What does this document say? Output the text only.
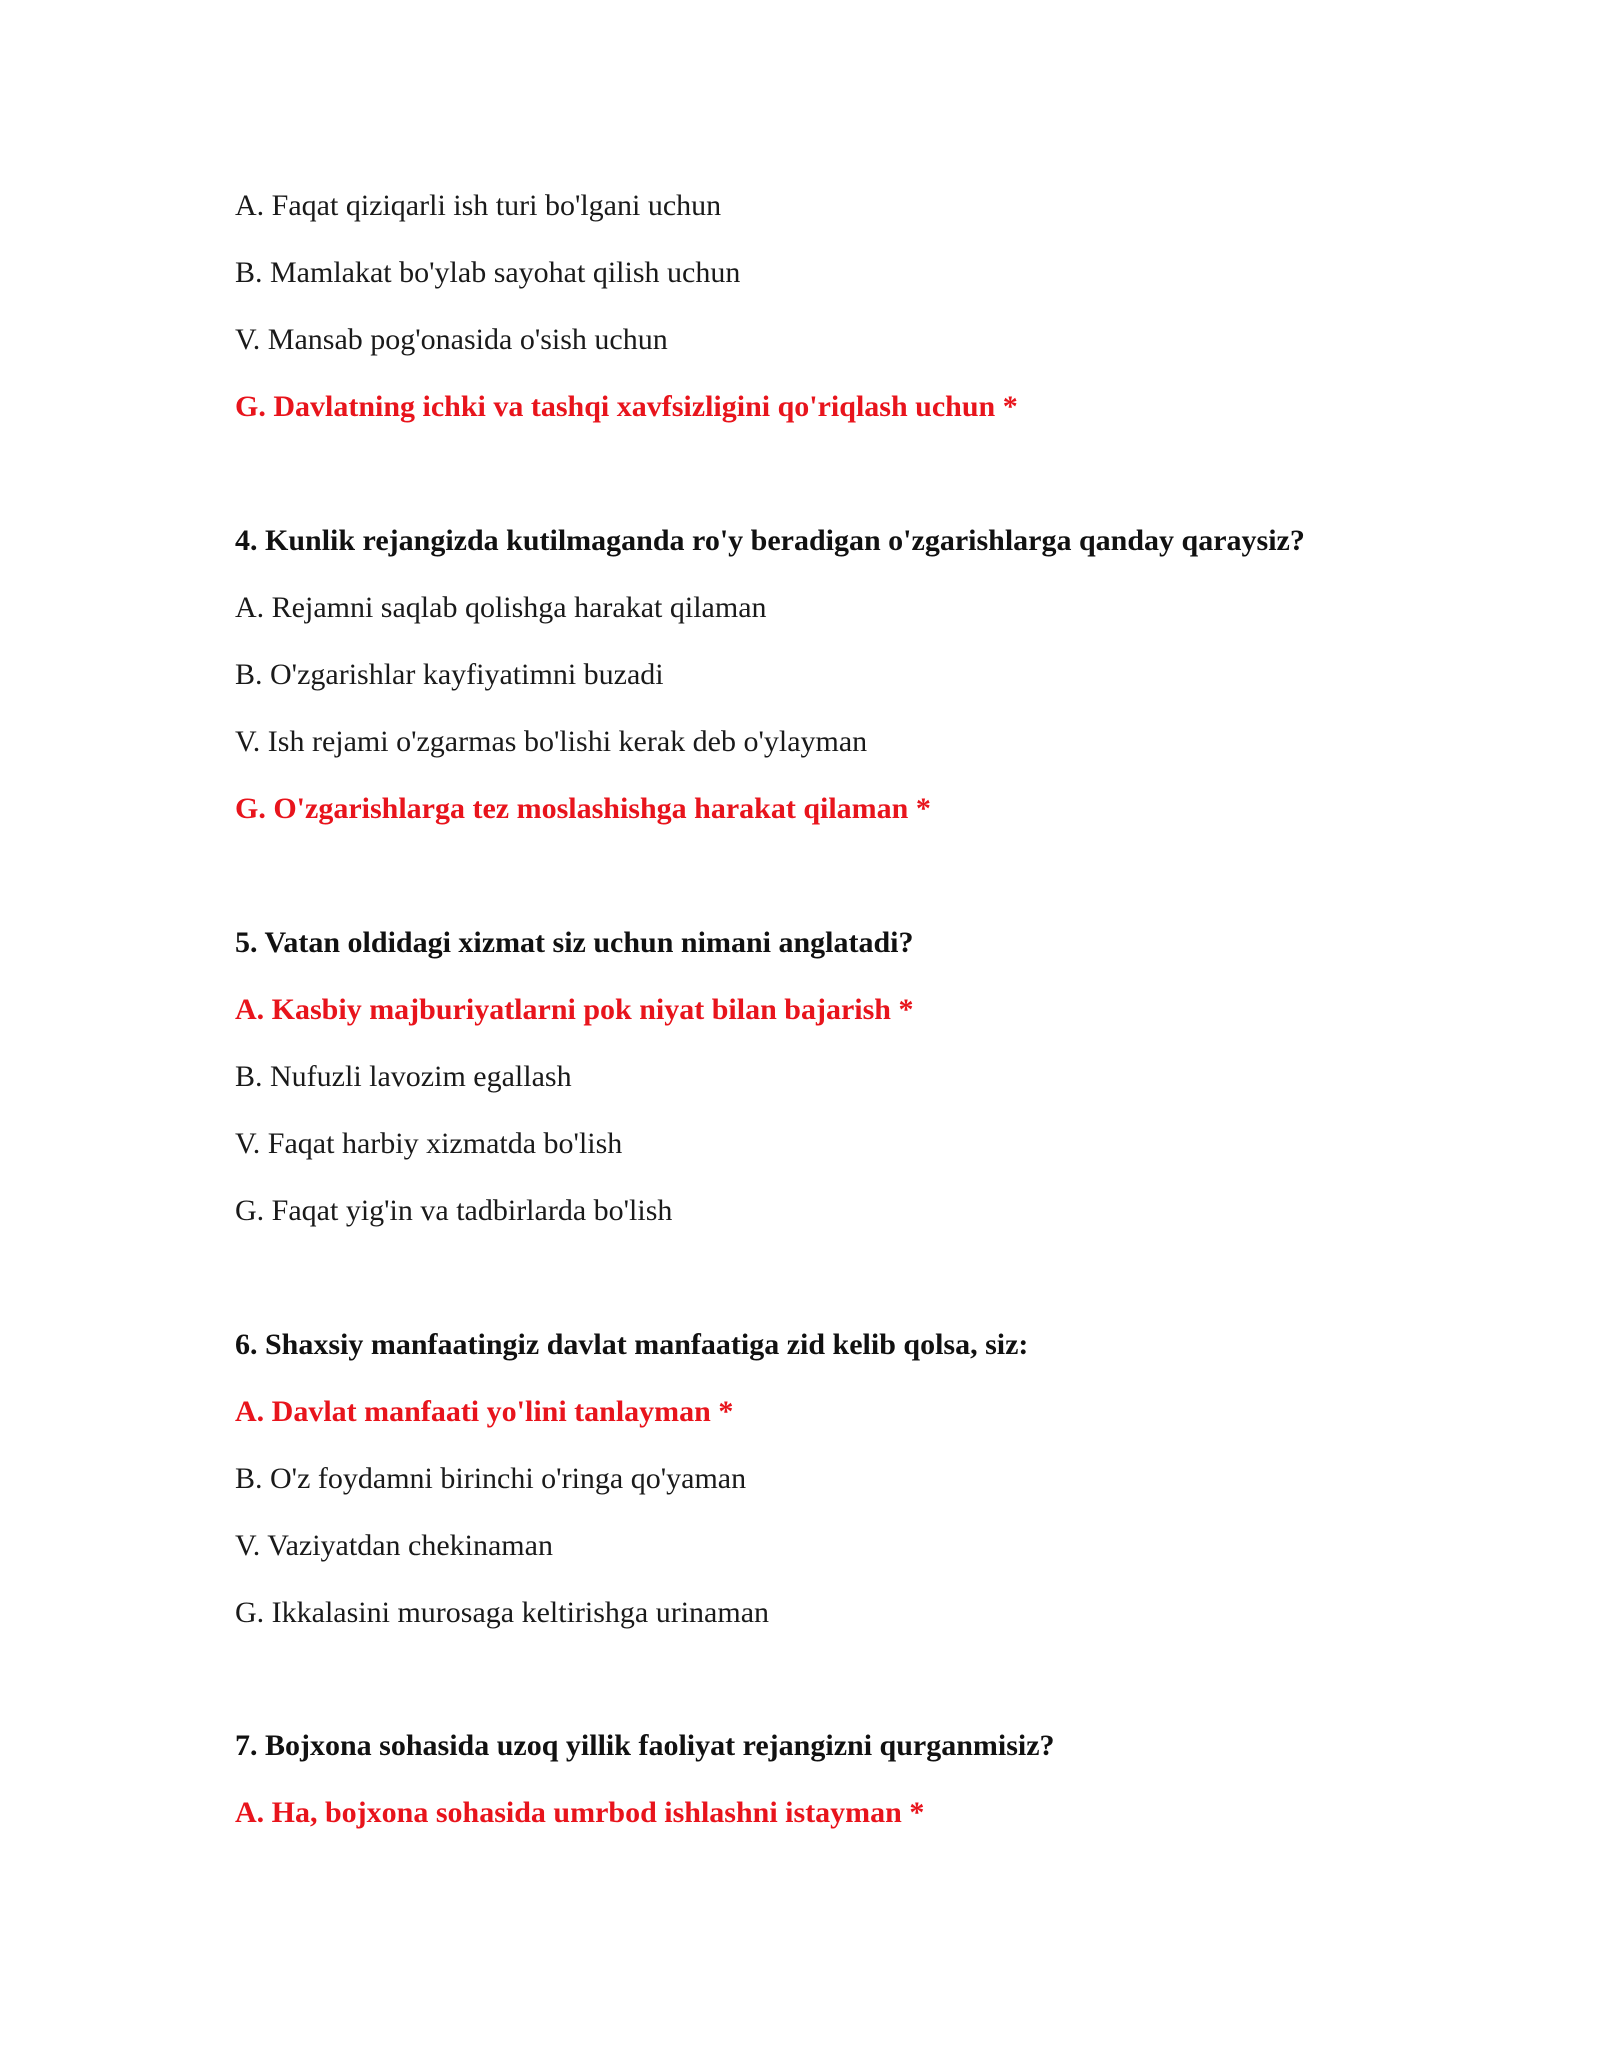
A. Faqat qiziqarli ish turi bo'lgani uchun
B. Mamlakat bo'ylab sayohat qilish uchun
V. Mansab pog'onasida o'sish uchun
G. Davlatning ichki va tashqi xavfsizligini qo'riqlash uchun *
4. Kunlik rejangizda kutilmaganda ro'y beradigan o'zgarishlarga qanday qaraysiz?
A. Rejamni saqlab qolishga harakat qilaman
B. O'zgarishlar kayfiyatimni buzadi
V. Ish rejami o'zgarmas bo'lishi kerak deb o'ylayman
G. O'zgarishlarga tez moslashishga harakat qilaman *
5. Vatan oldidagi xizmat siz uchun nimani anglatadi?
A. Kasbiy majburiyatlarni pok niyat bilan bajarish *
B. Nufuzli lavozim egallash
V. Faqat harbiy xizmatda bo'lish
G. Faqat yig'in va tadbirlarda bo'lish
6. Shaxsiy manfaatingiz davlat manfaatiga zid kelib qolsa, siz:
A. Davlat manfaati yo'lini tanlayman *
B. O'z foydamni birinchi o'ringa qo'yaman
V. Vaziyatdan chekinaman
G. Ikkalasini murosaga keltirishga urinaman
7. Bojxona sohasida uzoq yillik faoliyat rejangizni qurganmisiz?
A. Ha, bojxona sohasida umrbod ishlashni istayman *
